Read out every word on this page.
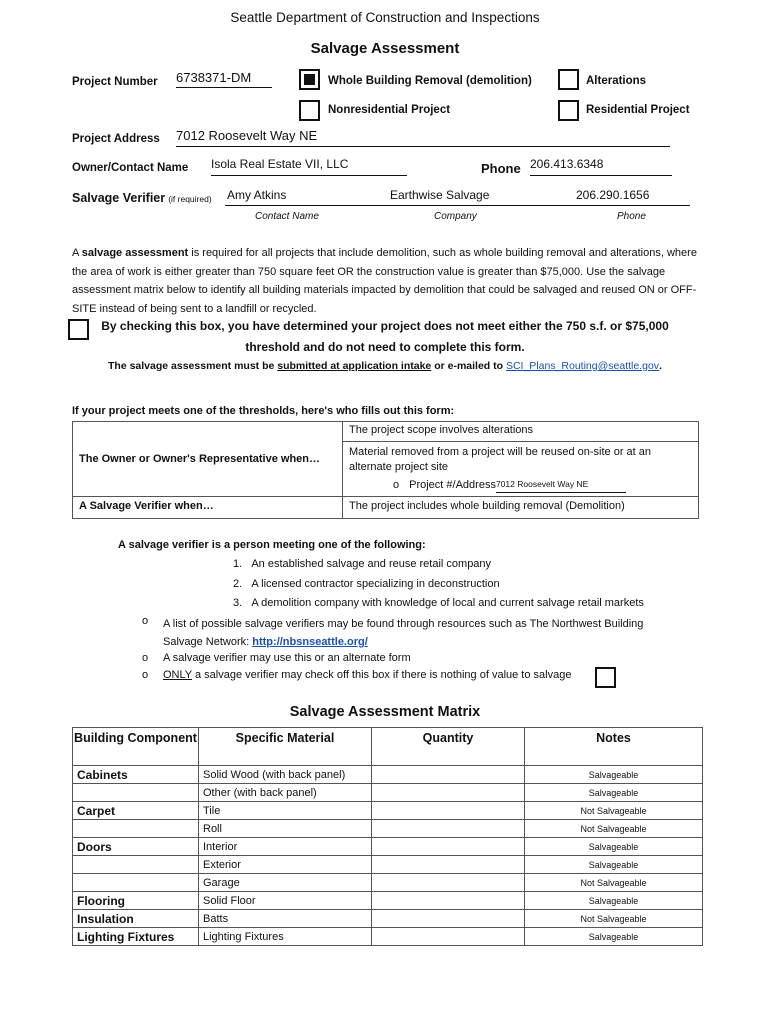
Seattle Department of Construction and Inspections
Salvage Assessment
Project Number 6738371-DM	Whole Building Removal (demolition)	Alterations
Nonresidential Project	Residential Project
Project Address 7012 Roosevelt Way NE
Owner/Contact Name Isola Real Estate VII, LLC	Phone 206.413.6348
Salvage Verifier (if required) Amy Atkins	Earthwise Salvage	206.290.1656
Contact Name	Company	Phone
A salvage assessment is required for all projects that include demolition, such as whole building removal and alterations, where the area of work is either greater than 750 square feet OR the construction value is greater than $75,000. Use the salvage assessment matrix below to identify all building materials impacted by demolition that could be salvaged and reused ON or OFF-SITE instead of being sent to a landfill or recycled.
By checking this box, you have determined your project does not meet either the 750 s.f. or $75,000
threshold and do not need to complete this form.
The salvage assessment must be submitted at application intake or e-mailed to SCI_Plans_Routing@seattle.gov.
If your project meets one of the thresholds, here's who fills out this form:
The Owner or Owner's Representative when…	The project scope involves alterations

	Material removed from a project will be reused on-site or at an alternate project site
o Project #/Address7012 Roosevelt Way NE

A Salvage Verifier when…	The project includes whole building removal (Demolition)
A salvage verifier is a person meeting one of the following:
1.   An established salvage and reuse retail company
2.   A licensed contractor specializing in deconstruction
3.   A demolition company with knowledge of local and current salvage retail markets
o A list of possible salvage verifiers may be found through resources such as The Northwest Building Salvage Network: http://nbsnseattle.org/
o A salvage verifier may use this or an alternate form
o ONLY a salvage verifier may check off this box if there is nothing of value to salvage
Salvage Assessment Matrix
Building Component	Specific Material	Quantity	Notes
Cabinets	Solid Wood (with back panel)		Salvageable
	Other (with back panel)		Salvageable
Carpet	Tile		Not Salvageable
	Roll		Not Salvageable
Doors	Interior		Salvageable
	Exterior		Salvageable
	Garage		Not Salvageable
Flooring	Solid Floor		Salvageable
Insulation	Batts		Not Salvageable
Lighting Fixtures	Lighting Fixtures		Salvageable
